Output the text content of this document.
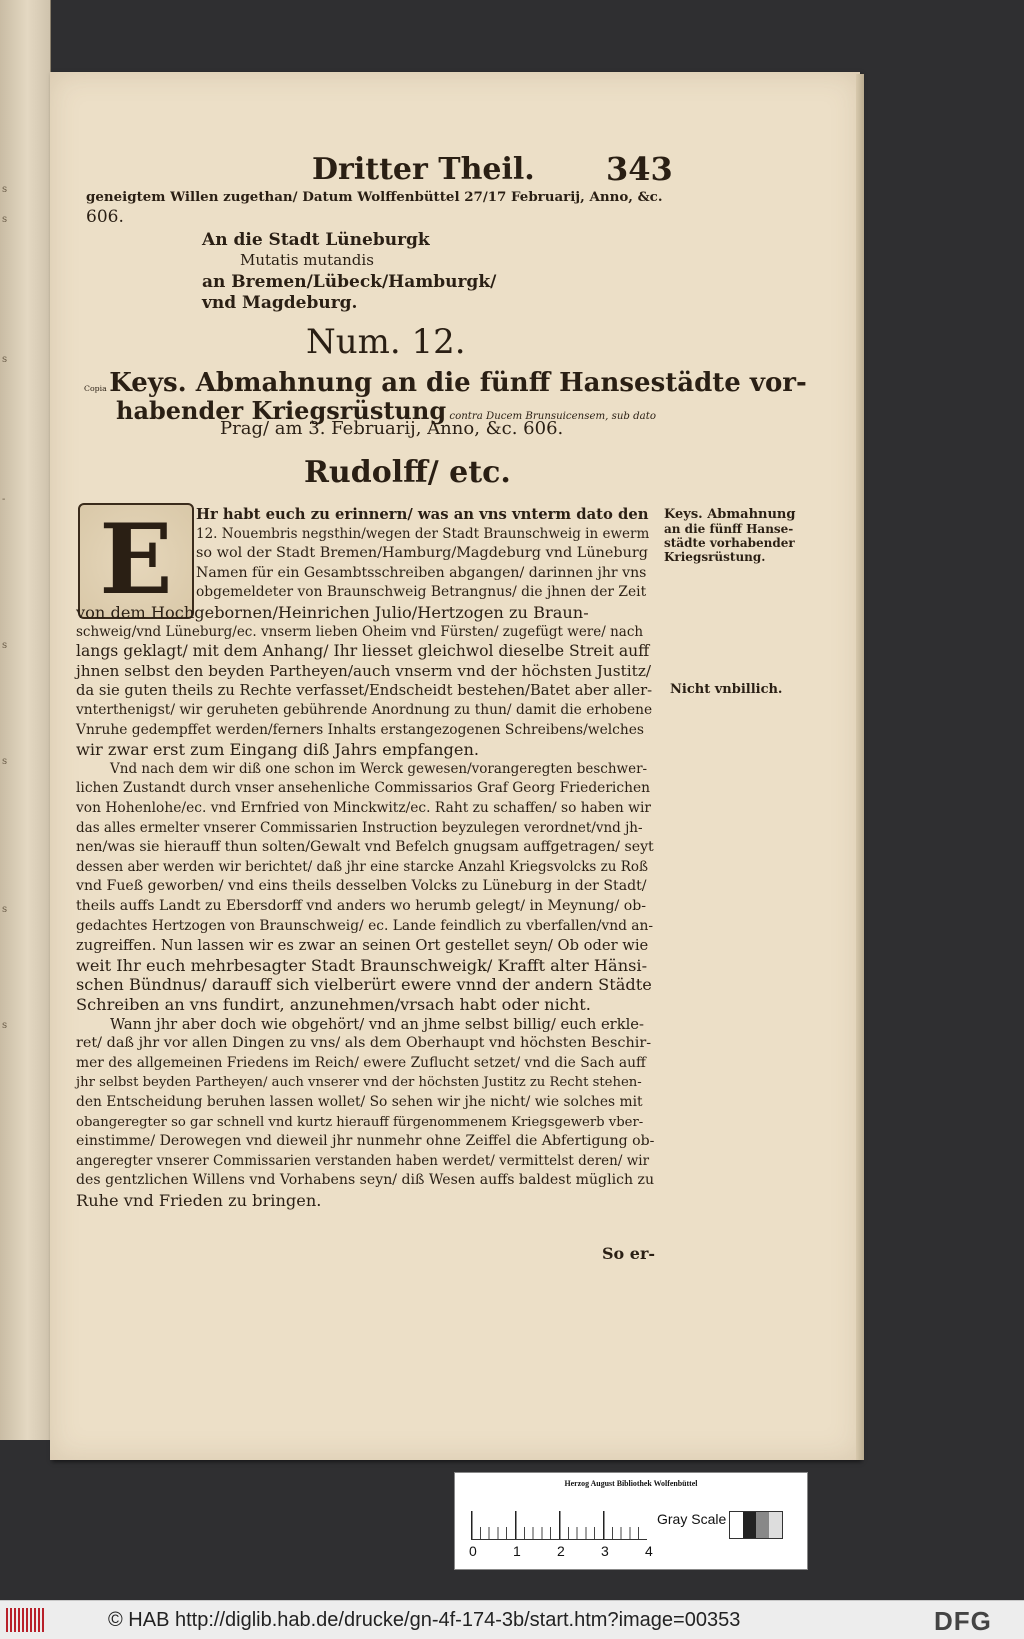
s
s
s
-
s
s
s
s
Dritter Theil. 343
geneigtem Willen zugethan/ Datum Wolffenbüttel 27/17 Februarij, Anno, &c.
606.
An die Stadt Lüneburgk
Mutatis mutandis
an Bremen/Lübeck/Hamburgk/
vnd Magdeburg.
Num. 12.
Copia Keys. Abmahnung an die fünff Hansestädte vor-
habender Kriegsrüstung contra Ducem Brunsuicensem, sub dato
Prag/ am 3. Februarij, Anno, &c. 606.
Rudolff/ etc.
E	Hr habt euch zu erinnern/ was an vns vnterm dato den
12. Nouembris negsthin/wegen der Stadt Braunschweig in ewerm
so wol der Stadt Bremen/Hamburg/Magdeburg vnd Lüneburg
Namen für ein Gesambtsschreiben abgangen/ darinnen jhr vns
obgemeldeter von Braunschweig Betrangnus/ die jhnen der Zeit
von dem Hochgebornen/Heinrichen Julio/Hertzogen zu Braun-
schweig/vnd Lüneburg/ec. vnserm lieben Oheim vnd Fürsten/ zugefügt were/ nach
langs geklagt/ mit dem Anhang/ Ihr liesset gleichwol dieselbe Streit auff
jhnen selbst den beyden Partheyen/auch vnserm vnd der höchsten Justitz/
da sie guten theils zu Rechte verfasset/Endscheidt bestehen/Batet aber aller-
vnterthenigst/ wir geruheten gebührende Anordnung zu thun/ damit die erhobene
Vnruhe gedempffet werden/ferners Inhalts erstangezogenen Schreibens/welches
wir zwar erst zum Eingang diß Jahrs empfangen.
Vnd nach dem wir diß one schon im Werck gewesen/vorangeregten beschwer-
lichen Zustandt durch vnser ansehenliche Commissarios Graf Georg Friederichen
von Hohenlohe/ec. vnd Ernfried von Minckwitz/ec. Raht zu schaffen/ so haben wir
das alles ermelter vnserer Commissarien Instruction beyzulegen verordnet/vnd jh-
nen/was sie hierauff thun solten/Gewalt vnd Befelch gnugsam auffgetragen/ seyt
dessen aber werden wir berichtet/ daß jhr eine starcke Anzahl Kriegsvolcks zu Roß
vnd Fueß geworben/ vnd eins theils desselben Volcks zu Lüneburg in der Stadt/
theils auffs Landt zu Ebersdorff vnd anders wo herumb gelegt/ in Meynung/ ob-
gedachtes Hertzogen von Braunschweig/ ec. Lande feindlich zu vberfallen/vnd an-
zugreiffen. Nun lassen wir es zwar an seinen Ort gestellet seyn/ Ob oder wie
weit Ihr euch mehrbesagter Stadt Braunschweigk/ Krafft alter Hänsi-
schen Bündnus/ darauff sich vielberürt ewere vnnd der andern Städte
Schreiben an vns fundirt, anzunehmen/vrsach habt oder nicht.
Wann jhr aber doch wie obgehört/ vnd an jhme selbst billig/ euch erkle-
ret/ daß jhr vor allen Dingen zu vns/ als dem Oberhaupt vnd höchsten Beschir-
mer des allgemeinen Friedens im Reich/ ewere Zuflucht setzet/ vnd die Sach auff
jhr selbst beyden Partheyen/ auch vnserer vnd der höchsten Justitz zu Recht stehen-
den Entscheidung beruhen lassen wollet/ So sehen wir jhe nicht/ wie solches mit
obangeregter so gar schnell vnd kurtz hierauff fürgenommenem Kriegsgewerb vber-
einstimme/ Derowegen vnd dieweil jhr nunmehr ohne Zeiffel die Abfertigung ob-
angeregter vnserer Commissarien verstanden haben werdet/ vermittelst deren/ wir
des gentzlichen Willens vnd Vorhabens seyn/ diß Wesen auffs baldest müglich zu
Ruhe vnd Frieden zu bringen.
Keys. Abmahnung
an die fünff Hanse-
städte vorhabender
Kriegsrüstung.
Nicht vnbillich.
So er-
Herzog August Bibliothek Wolfenbüttel
0	1	2	3	4
Gray Scale
© HAB http://diglib.hab.de/drucke/gn-4f-174-3b/start.htm?image=00353	DFG
